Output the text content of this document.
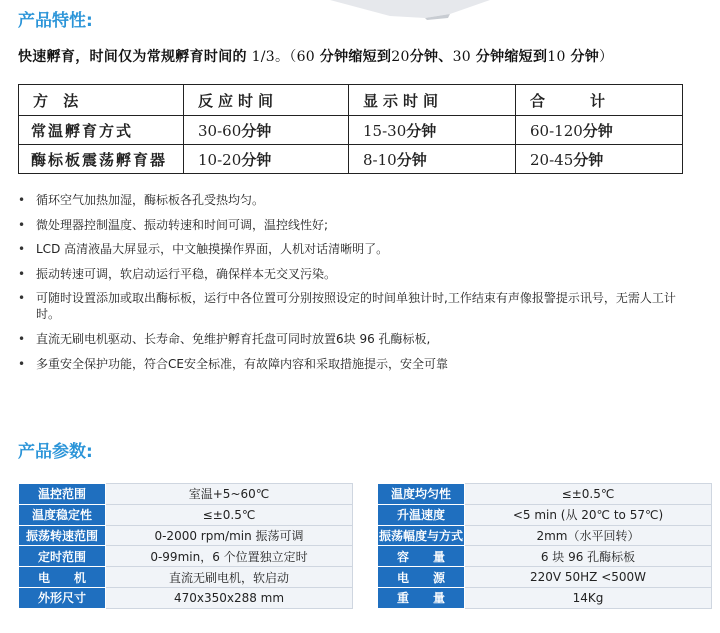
产品特性:
快速孵育，时间仅为常规孵育时间的 1/3。（60 分钟缩短到20分钟、30 分钟缩短到10 分钟）
方 法	反应时间	显示时间	合　　计
常温孵育方式	30-60分钟	15-30分钟	60-120分钟
酶标板震荡孵育器	10-20分钟	8-10分钟	20-45分钟
• 循环空气加热加湿，酶标板各孔受热均匀。
• 微处理器控制温度、振动转速和时间可调，温控线性好;
• LCD 高清液晶大屏显示，中文触摸操作界面，人机对话清晰明了。
• 振动转速可调，软启动运行平稳，确保样本无交叉污染。
• 可随时设置添加或取出酶标板，运行中各位置可分别按照设定的时间单独计时,工作结束有声像报警提示讯号，无需人工计时。
• 直流无刷电机驱动、长寿命、免维护孵育托盘可同时放置6块 96 孔酶标板,
• 多重安全保护功能，符合CE安全标准，有故障内容和采取措施提示，安全可靠
产品参数:
温控范围	室温+5~60℃
温度稳定性	≤±0.5℃
振荡转速范围	0-2000 rpm/min 振荡可调
定时范围	0-99min，6 个位置独立定时
电　　机	直流无刷电机，软启动
外形尺寸	470x350x288 mm
温度均匀性	≤±0.5℃
升温速度	<5 min (从 20℃ to 57℃)
振荡幅度与方式	2mm（水平回转）
容　　量	6 块 96 孔酶标板
电　　源	220V 50HZ <500W
重　　量	14Kg
